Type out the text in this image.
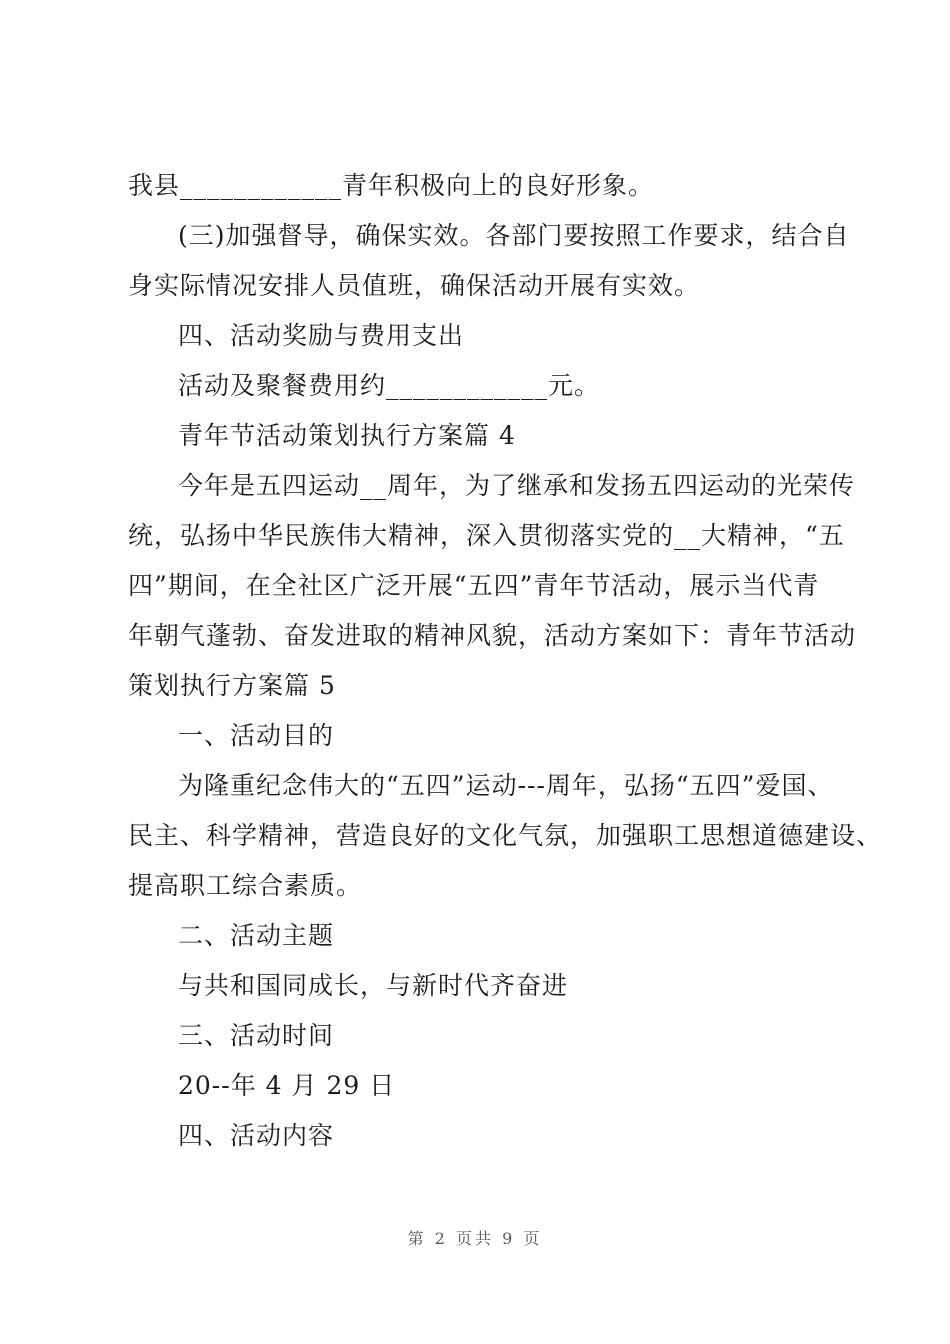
我县____________青年积极向上的良好形象。
(三)加强督导，确保实效。各部门要按照工作要求，结合自
身实际情况安排人员值班，确保活动开展有实效。
四、活动奖励与费用支出
活动及聚餐费用约____________元。
青年节活动策划执行方案篇 4
今年是五四运动__周年，为了继承和发扬五四运动的光荣传
统，弘扬中华民族伟大精神，深入贯彻落实党的__大精神，“五
四”期间，在全社区广泛开展“五四”青年节活动，展示当代青
年朝气蓬勃、奋发进取的精神风貌，活动方案如下：青年节活动
策划执行方案篇 5
一、活动目的
为隆重纪念伟大的“五四”运动---周年，弘扬“五四”爱国、
民主、科学精神，营造良好的文化气氛，加强职工思想道德建设、
提高职工综合素质。
二、活动主题
与共和国同成长，与新时代齐奋进
三、活动时间
20--年 4 月 29 日
四、活动内容
第 2 页共 9 页
